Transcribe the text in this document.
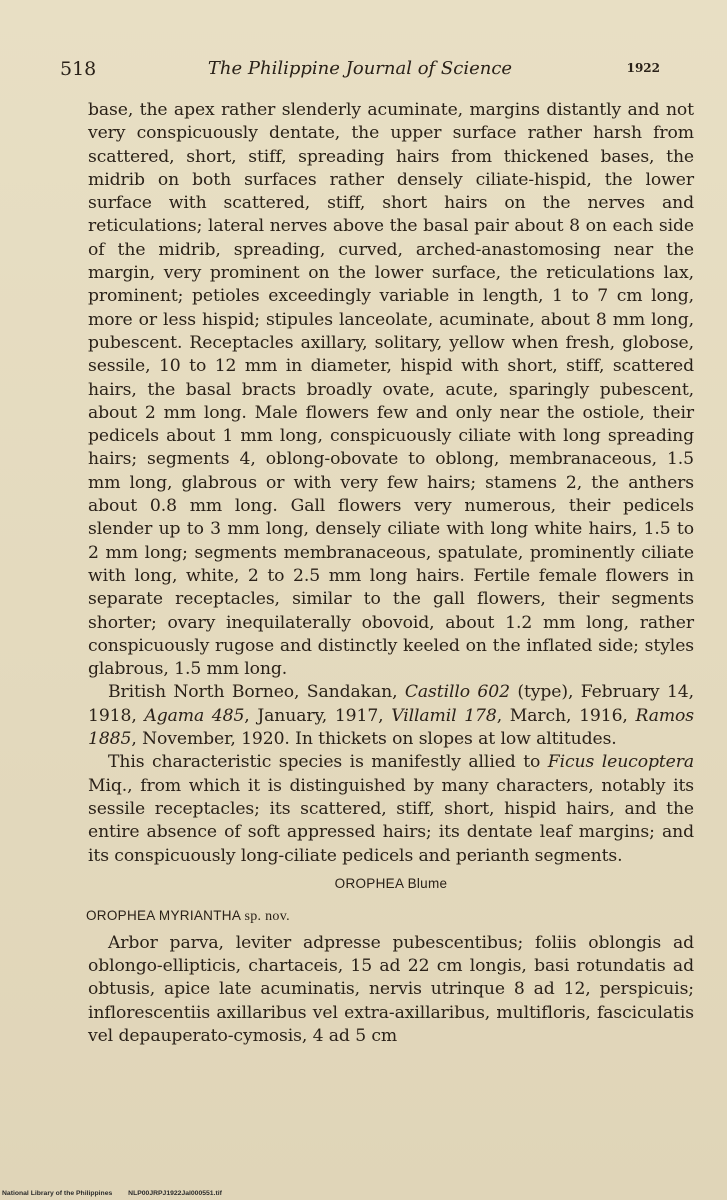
518	The Philippine Journal of Science	1922

base, the apex rather slenderly acuminate, margins distantly and not very conspicuously dentate, the upper surface rather harsh from scattered, short, stiff, spreading hairs from thickened bases, the midrib on both surfaces rather densely ciliate-hispid, the lower surface with scattered, stiff, short hairs on the nerves and reticulations; lateral nerves above the basal pair about 8 on each side of the midrib, spreading, curved, arched-anastomosing near the margin, very prominent on the lower surface, the reticulations lax, prominent; petioles exceedingly variable in length, 1 to 7 cm long, more or less hispid; stipules lanceolate, acuminate, about 8 mm long, pubescent. Receptacles axillary, solitary, yellow when fresh, globose, sessile, 10 to 12 mm in diameter, hispid with short, stiff, scattered hairs, the basal bracts broadly ovate, acute, sparingly pubescent, about 2 mm long. Male flowers few and only near the ostiole, their pedicels about 1 mm long, conspicuously ciliate with long spreading hairs; segments 4, oblong-obovate to oblong, membranaceous, 1.5 mm long, glabrous or with very few hairs; stamens 2, the anthers about 0.8 mm long. Gall flowers very numerous, their pedicels slender up to 3 mm long, densely ciliate with long white hairs, 1.5 to 2 mm long; segments membranaceous, spatulate, prominently ciliate with long, white, 2 to 2.5 mm long hairs. Fertile female flowers in separate receptacles, similar to the gall flowers, their segments shorter; ovary inequilaterally obovoid, about 1.2 mm long, rather conspicuously rugose and distinctly keeled on the inflated side; styles glabrous, 1.5 mm long.

British North Borneo, Sandakan, Castillo 602 (type), February 14, 1918, Agama 485, January, 1917, Villamil 178, March, 1916, Ramos 1885, November, 1920. In thickets on slopes at low altitudes.

This characteristic species is manifestly allied to Ficus leucoptera Miq., from which it is distinguished by many characters, notably its sessile receptacles; its scattered, stiff, short, hispid hairs, and the entire absence of soft appressed hairs; its dentate leaf margins; and its conspicuously long-ciliate pedicels and perianth segments.

OROPHEA Blume
OROPHEA MYRIANTHA sp. nov.

Arbor parva, leviter adpresse pubescentibus; foliis oblongis ad oblongo-ellipticis, chartaceis, 15 ad 22 cm longis, basi rotundatis ad obtusis, apice late acuminatis, nervis utrinque 8 ad 12, perspicuis; inflorescentiis axillaribus vel extra-axillaribus, multifloris, fasciculatis vel depauperato-cymosis, 4 ad 5 cm

National Library of the Philippines NLP00JRPJ1922Jal000551.tif
